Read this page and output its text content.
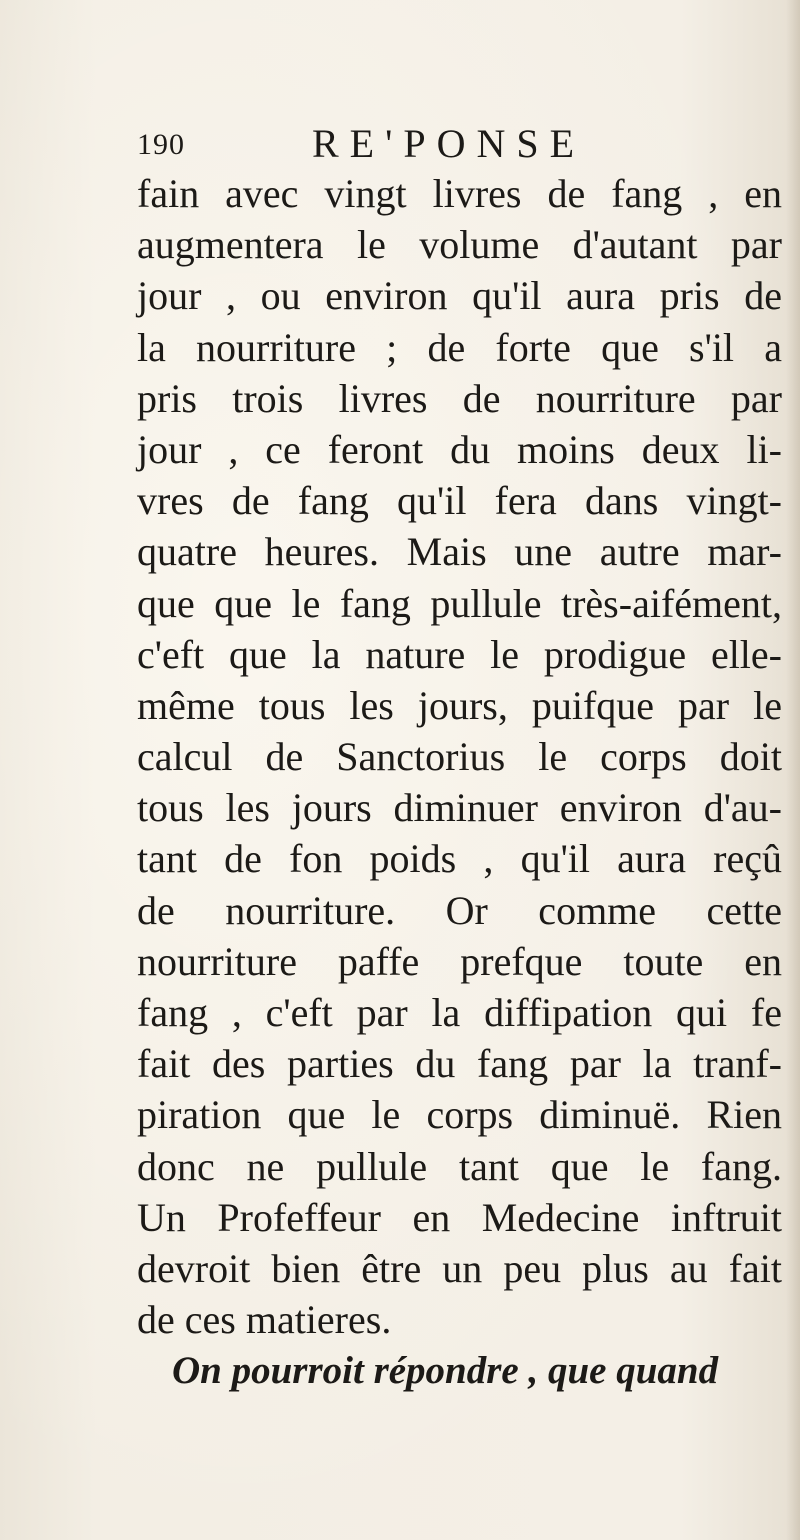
190	RE'PONSE
fain avec vingt livres de fang , en
augmentera le volume d'autant par
jour , ou environ qu'il aura pris de
la nourriture ; de forte que s'il a
pris trois livres de nourriture par
jour , ce feront du moins deux li-
vres de fang qu'il fera dans vingt-
quatre heures. Mais une autre mar-
que que le fang pullule très-aifément,
c'eft que la nature le prodigue elle-
même tous les jours, puifque par le
calcul de Sanctorius le corps doit
tous les jours diminuer environ d'au-
tant de fon poids , qu'il aura reçû
de nourriture. Or comme cette
nourriture paffe prefque toute en
fang , c'eft par la diffipation qui fe
fait des parties du fang par la tranf-
piration que le corps diminuë. Rien
donc ne pullule tant que le fang.
Un Profeffeur en Medecine inftruit
devroit bien être un peu plus au fait
de ces matieres.
On pourroit répondre , que quand
